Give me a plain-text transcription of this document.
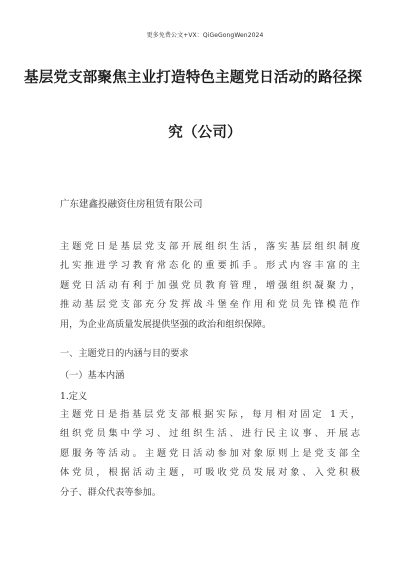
更多免费公文+VX：QiGeGongWen2024
基层党支部聚焦主业打造特色主题党日活动的路径探
究（公司）
广东建鑫投融资住房租赁有限公司
主题党日是基层党支部开展组织生活，落实基层组织制度
扎实推进学习教育常态化的重要抓手。形式内容丰富的主
题党日活动有利于加强党员教育管理，增强组织凝聚力，
推动基层党支部充分发挥战斗堡垒作用和党员先锋模范作
用，为企业高质量发展提供坚强的政治和组织保障。
一、主题党日的内涵与目的要求
（一）基本内涵
1.定义
主题党日是指基层党支部根据实际，每月相对固定 1天，
组织党员集中学习、过组织生活、进行民主议事、开展志
愿服务等活动。主题党日活动参加对象原则上是党支部全
体党员，根据活动主题，可吸收党员发展对象、入党积极
分子、群众代表等参加。
